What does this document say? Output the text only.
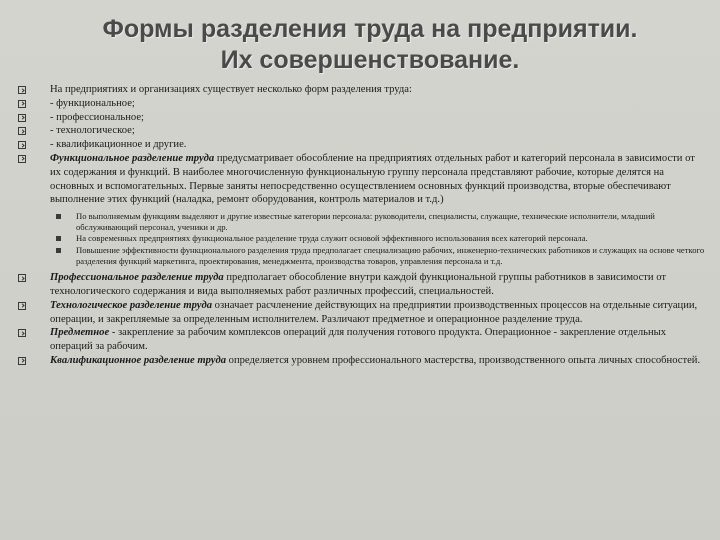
Формы разделения труда на предприятии.
Их совершенствование.
На предприятиях и организациях существует несколько форм разделения труда:
- функциональное;
- профессиональное;
- технологическое;
- квалификационное и другие.
Функциональное разделение труда предусматривает обособление на предприятиях отдельных работ и категорий персонала в зависимости от их содержания и функций. В наиболее многочисленную функциональную группу персонала представляют рабочие, которые делятся на основных и вспомогательных. Первые заняты непосредственно осуществлением основных функций производства, вторые обеспечивают выполнение этих функций (наладка, ремонт оборудования, контроль материалов и т.д.)
По выполняемым функциям выделяют и другие известные категории персонала: руководители, специалисты, служащие, технические исполнители, младший обслуживающий персонал, ученики и др.
На современных предприятиях функциональное разделение труда служит основой эффективного использования всех категорий персонала.
Повышение эффективности функционального разделения труда предполагает специализацию рабочих, инженерно-технических работников и служащих на основе четкого разделения функций маркетинга, проектирования, менеджмента, производства товаров, управления персонала и т.д.
Профессиональное разделение труда предполагает обособление внутри каждой функциональной группы работников в зависимости от технологического содержания и вида выполняемых работ различных профессий, специальностей.
Технологическое разделение труда означает расчленение действующих на предприятии производственных процессов на отдельные ситуации, операции, и закрепляемые за определенным исполнителем. Различают предметное и операционное разделение труда.
Предметное - закрепление за рабочим комплексов операций для получения готового продукта. Операционное - закрепление отдельных операций за рабочим.
Квалификационное разделение труда определяется уровнем профессионального мастерства, производственного опыта личных способностей.
